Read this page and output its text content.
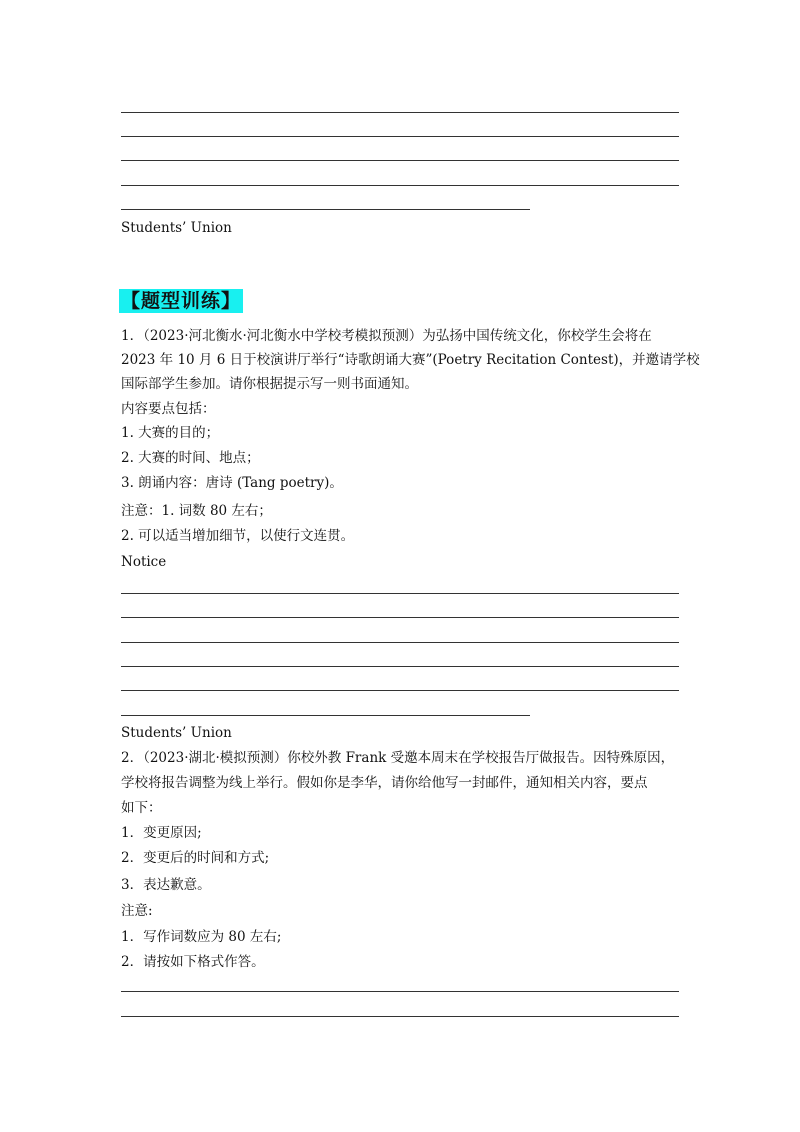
Students’ Union
【题型训练】
1．（2023·河北衡水·河北衡水中学校考模拟预测）为弘扬中国传统文化，你校学生会将在
2023 年 10 月 6 日于校演讲厅举行“诗歌朗诵大赛”(Poetry Recitation Contest)，并邀请学校
国际部学生参加。请你根据提示写一则书面通知。
内容要点包括：
1. 大赛的目的；
2. 大赛的时间、地点；
3. 朗诵内容：唐诗 (Tang poetry)。
注意：1. 词数 80 左右；
2. 可以适当增加细节，以使行文连贯。
Notice
Students’ Union
2．（2023·湖北·模拟预测）你校外教 Frank 受邀本周末在学校报告厅做报告。因特殊原因，
学校将报告调整为线上举行。假如你是李华，请你给他写一封邮件，通知相关内容，要点
如下：
1．变更原因;
2．变更后的时间和方式;
3．表达歉意。
注意:
1．写作词数应为 80 左右;
2．请按如下格式作答。
